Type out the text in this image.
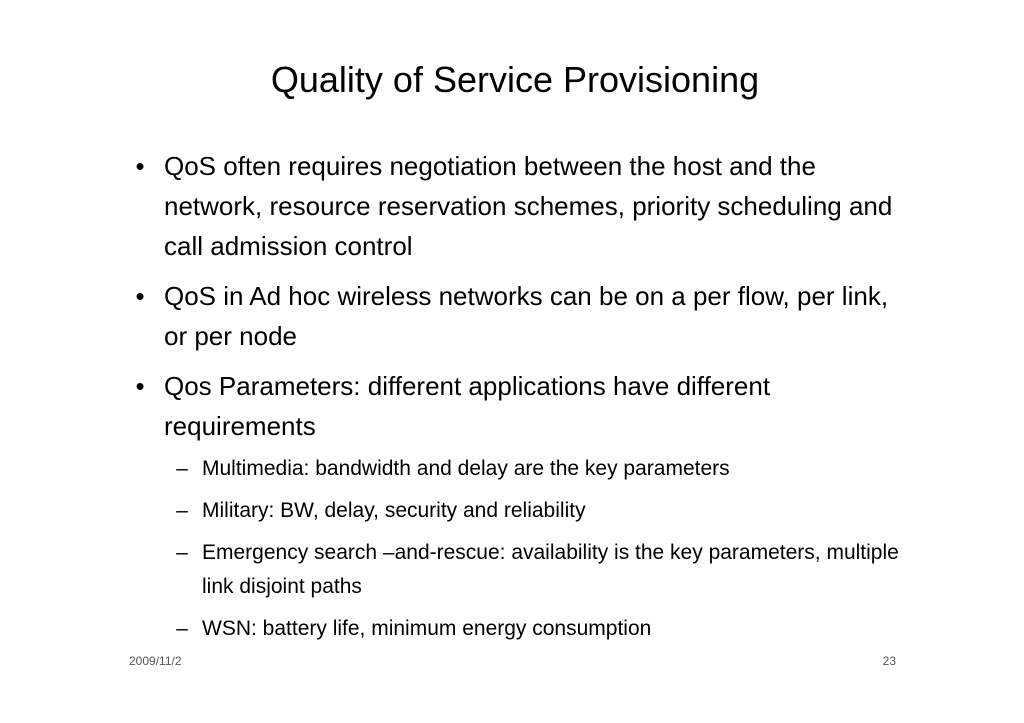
Quality of Service Provisioning
• QoS often requires negotiation between the host and the network, resource reservation schemes, priority scheduling and call admission control
• QoS in Ad hoc wireless networks can be on a per flow, per link, or per node
• Qos Parameters: different applications have different requirements
– Multimedia: bandwidth and delay are the key parameters
– Military: BW, delay, security and reliability
– Emergency search –and-rescue: availability is the key parameters, multiple link disjoint paths
– WSN: battery life, minimum energy consumption
2009/11/2	23
